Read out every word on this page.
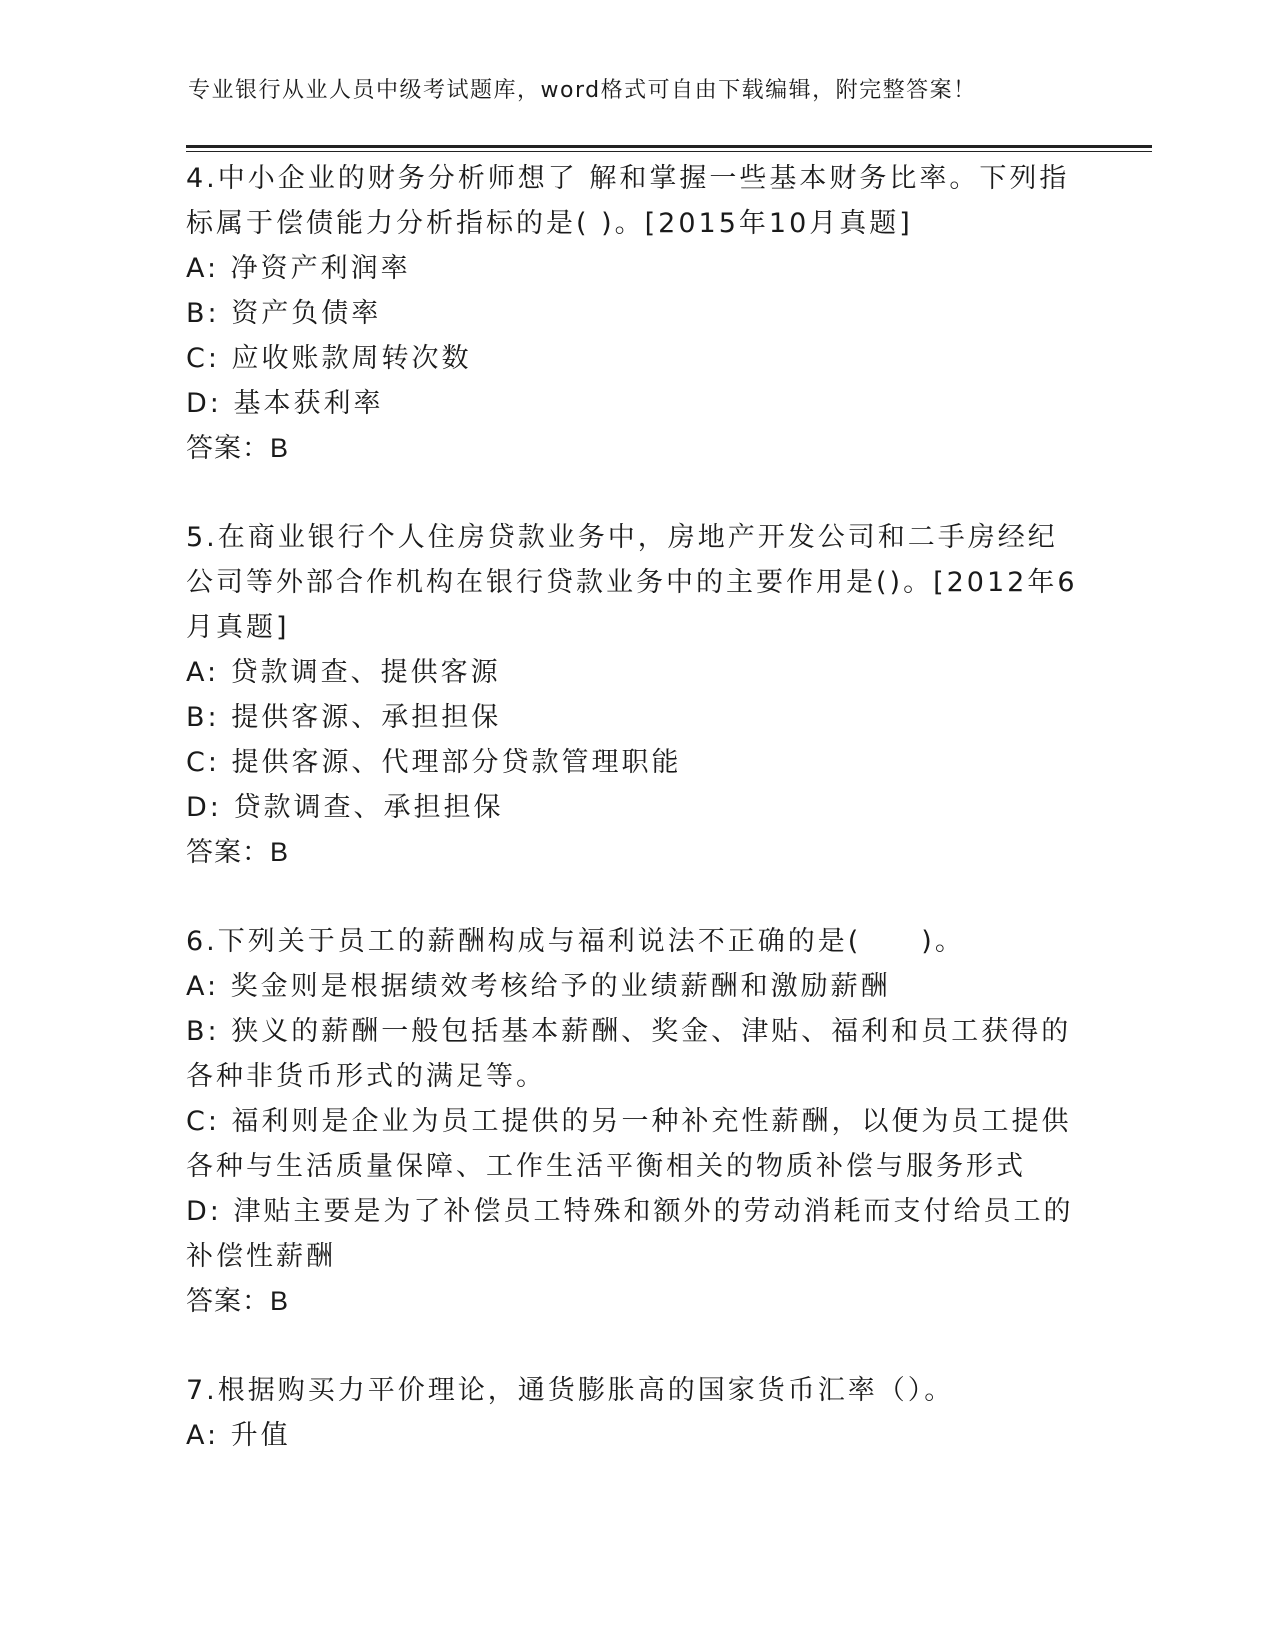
专业银行从业人员中级考试题库，word格式可自由下载编辑，附完整答案！
4.中小企业的财务分析师想了 解和掌握一些基本财务比率。下列指标属于偿债能力分析指标的是( )。[2015年10月真题]
A: 净资产利润率
B: 资产负债率
C: 应收账款周转次数
D: 基本获利率
答案：B
5.在商业银行个人住房贷款业务中，房地产开发公司和二手房经纪公司等外部合作机构在银行贷款业务中的主要作用是()。[2012年6月真题]
A: 贷款调查、提供客源
B: 提供客源、承担担保
C: 提供客源、代理部分贷款管理职能
D: 贷款调查、承担担保
答案：B
6.下列关于员工的薪酬构成与福利说法不正确的是(　　)。
A: 奖金则是根据绩效考核给予的业绩薪酬和激励薪酬
B: 狭义的薪酬一般包括基本薪酬、奖金、津贴、福利和员工获得的各种非货币形式的满足等。
C: 福利则是企业为员工提供的另一种补充性薪酬，以便为员工提供各种与生活质量保障、工作生活平衡相关的物质补偿与服务形式
D: 津贴主要是为了补偿员工特殊和额外的劳动消耗而支付给员工的补偿性薪酬
答案：B
7.根据购买力平价理论，通货膨胀高的国家货币汇率（）。
A: 升值
